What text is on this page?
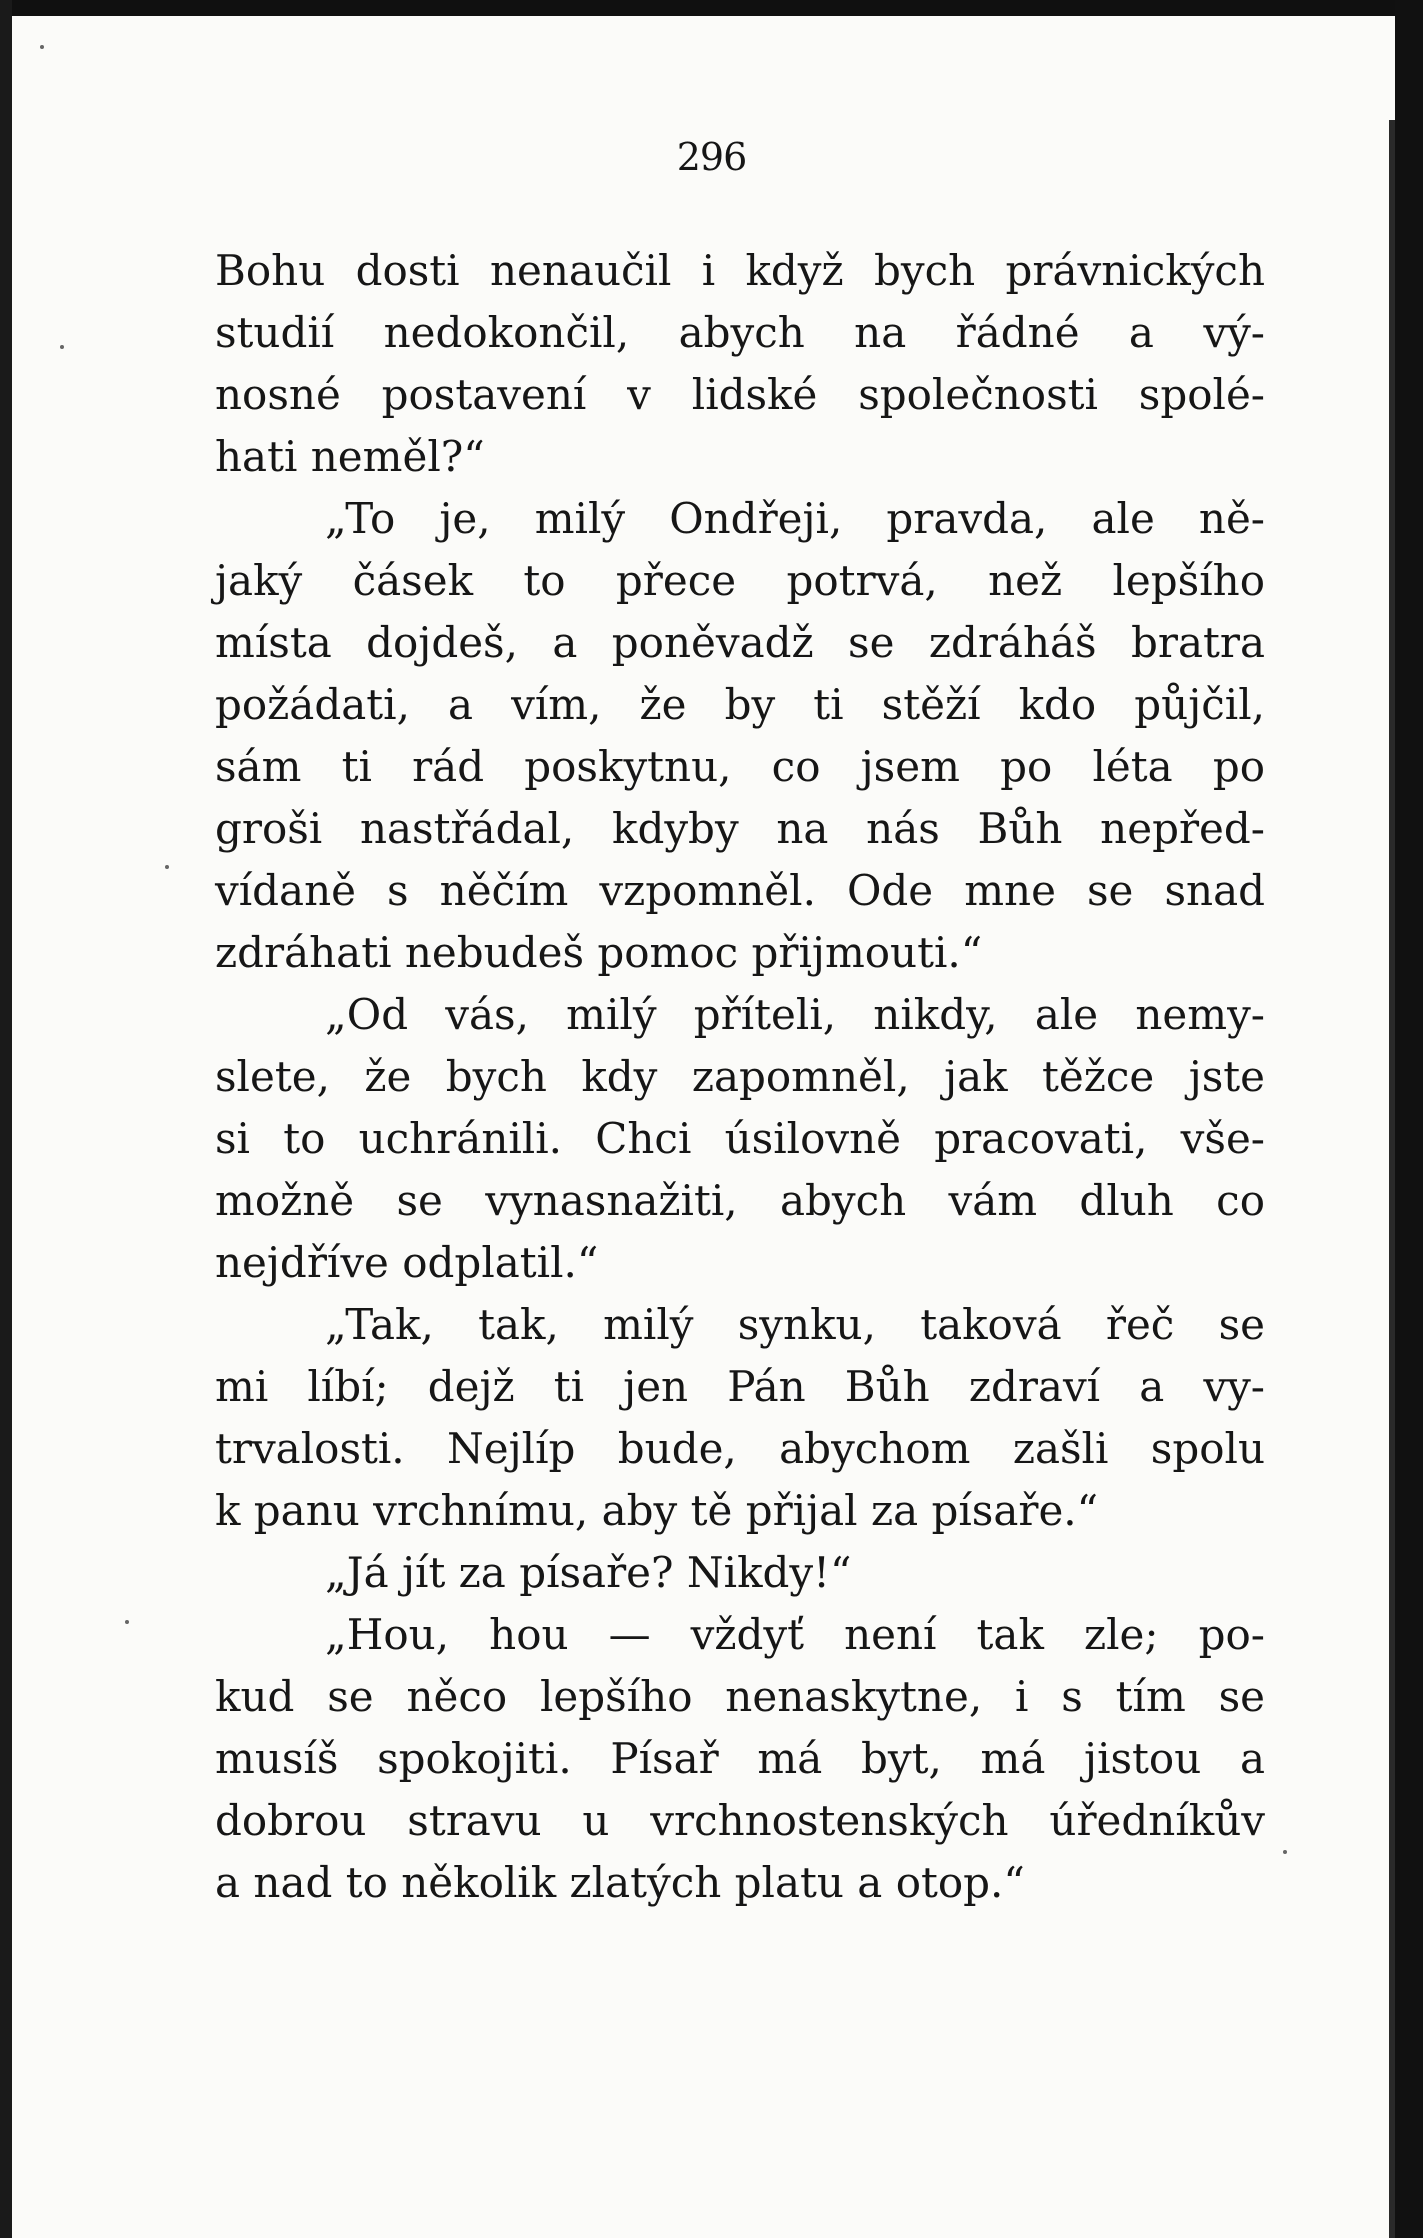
296
Bohu dosti nenaučil i když bych právnických
studií nedokončil, abych na řádné a vý-
nosné postavení v lidské společnosti spolé-
hati neměl?“
„To je, milý Ondřeji, pravda, ale ně-
jaký čásek to přece potrvá, než lepšího
místa dojdeš, a poněvadž se zdráháš bratra
požádati, a vím, že by ti stěží kdo půjčil,
sám ti rád poskytnu, co jsem po léta po
groši nastřádal, kdyby na nás Bůh nepřed-
vídaně s něčím vzpomněl. Ode mne se snad
zdráhati nebudeš pomoc přijmouti.“
„Od vás, milý příteli, nikdy, ale nemy-
slete, že bych kdy zapomněl, jak těžce jste
si to uchránili. Chci úsilovně pracovati, vše-
možně se vynasnažiti, abych vám dluh co
nejdříve odplatil.“
„Tak, tak, milý synku, taková řeč se
mi líbí; dejž ti jen Pán Bůh zdraví a vy-
trvalosti. Nejlíp bude, abychom zašli spolu
k panu vrchnímu, aby tě přijal za písaře.“
„Já jít za písaře? Nikdy!“
„Hou, hou — vždyť není tak zle; po-
kud se něco lepšího nenaskytne, i s tím se
musíš spokojiti. Písař má byt, má jistou a
dobrou stravu u vrchnostenských úředníkův
a nad to několik zlatých platu a otop.“
